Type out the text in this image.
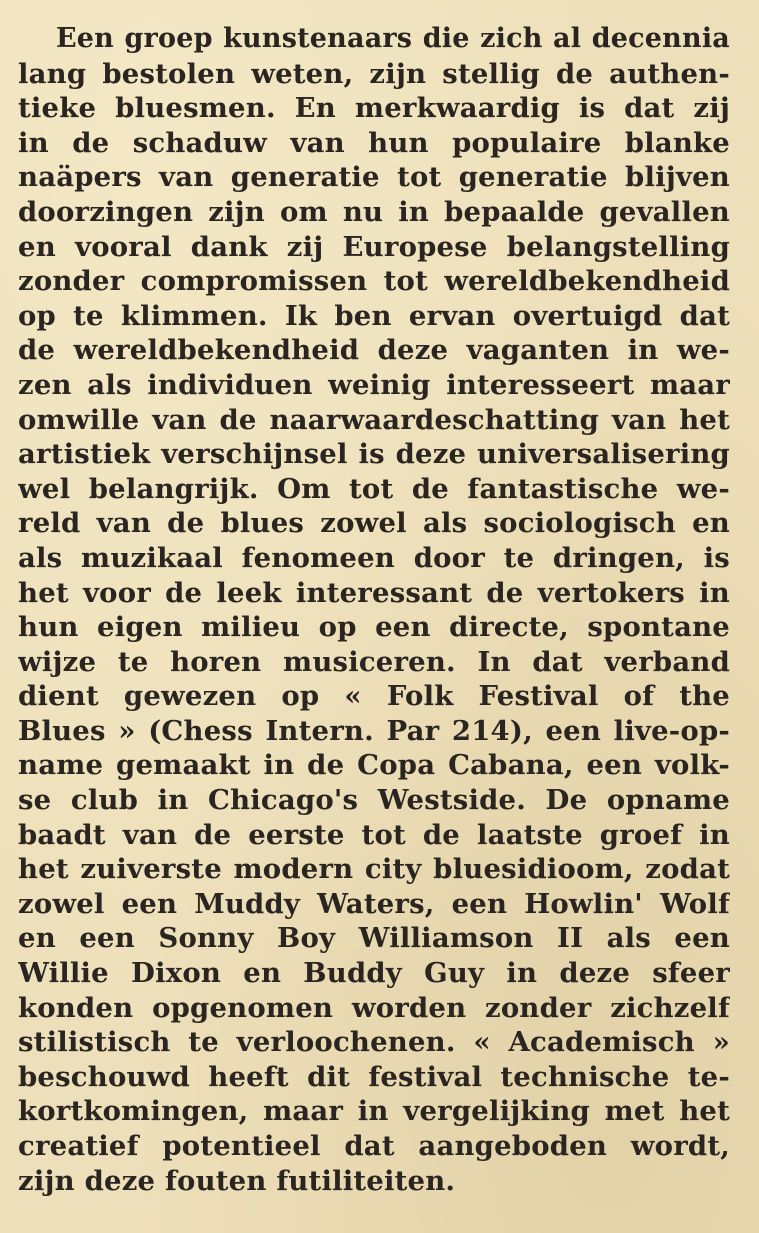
Een groep kunstenaars die zich al decennia
lang bestolen weten, zijn stellig de authen-
tieke bluesmen. En merkwaardig is dat zij
in de schaduw van hun populaire blanke
naäpers van generatie tot generatie blijven
doorzingen zijn om nu in bepaalde gevallen
en vooral dank zij Europese belangstelling
zonder compromissen tot wereldbekendheid
op te klimmen. Ik ben ervan overtuigd dat
de wereldbekendheid deze vaganten in we-
zen als individuen weinig interesseert maar
omwille van de naarwaardeschatting van het
artistiek verschijnsel is deze universalisering
wel belangrijk. Om tot de fantastische we-
reld van de blues zowel als sociologisch en
als muzikaal fenomeen door te dringen, is
het voor de leek interessant de vertokers in
hun eigen milieu op een directe, spontane
wijze te horen musiceren. In dat verband
dient gewezen op « Folk Festival of the
Blues » (Chess Intern. Par 214), een live-op-
name gemaakt in de Copa Cabana, een volk-
se club in Chicago's Westside. De opname
baadt van de eerste tot de laatste groef in
het zuiverste modern city bluesidioom, zodat
zowel een Muddy Waters, een Howlin' Wolf
en een Sonny Boy Williamson II als een
Willie Dixon en Buddy Guy in deze sfeer
konden opgenomen worden zonder zichzelf
stilistisch te verloochenen. « Academisch »
beschouwd heeft dit festival technische te-
kortkomingen, maar in vergelijking met het
creatief potentieel dat aangeboden wordt,
zijn deze fouten futiliteiten.
